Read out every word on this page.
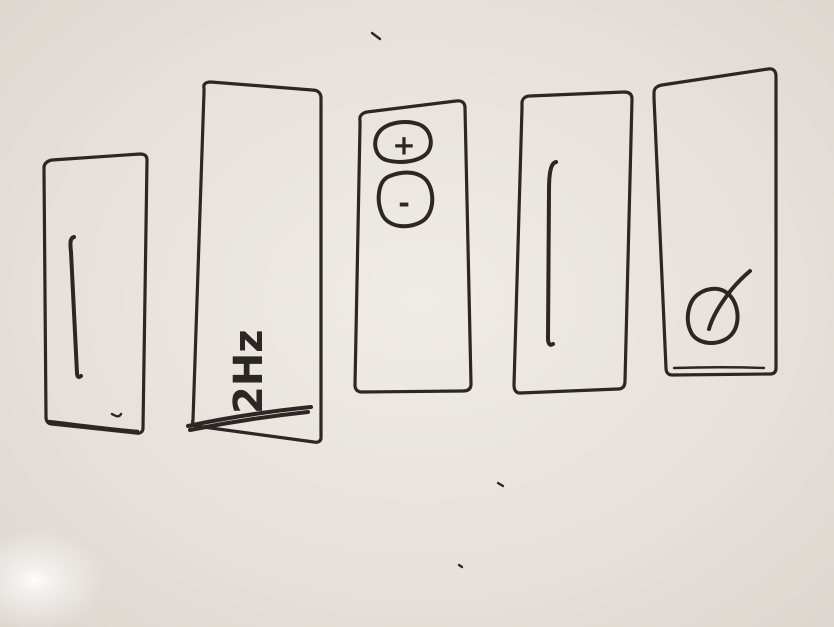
2Hz
+
-
